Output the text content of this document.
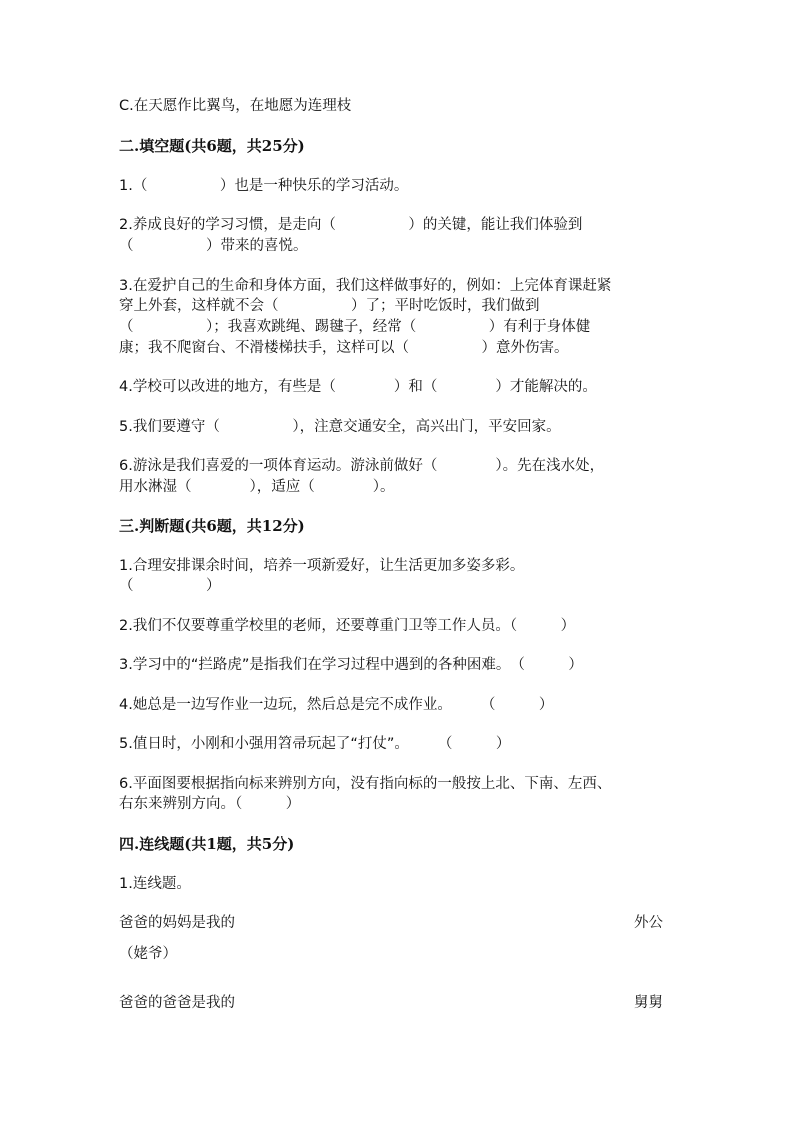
C.在天愿作比翼鸟，在地愿为连理枝
二.填空题(共6题，共25分)
1.（　　　　　）也是一种快乐的学习活动。
2.养成良好的学习习惯，是走向（　　　　　）的关键，能让我们体验到
（　　　　　）带来的喜悦。
3.在爱护自己的生命和身体方面，我们这样做事好的，例如：上完体育课赶紧
穿上外套，这样就不会（　　　　　）了；平时吃饭时，我们做到
（　　　　　）；我喜欢跳绳、踢毽子，经常（　　　　　）有利于身体健
康；我不爬窗台、不滑楼梯扶手，这样可以（　　　　　）意外伤害。
4.学校可以改进的地方，有些是（　　　　）和（　　　　）才能解决的。
5.我们要遵守（　　　　　），注意交通安全，高兴出门，平安回家。
6.游泳是我们喜爱的一项体育运动。游泳前做好（　　　　）。先在浅水处，
用水淋湿（　　　　），适应（　　　　）。
三.判断题(共6题，共12分)
1.合理安排课余时间，培养一项新爱好，让生活更加多姿多彩。
（　　　　　）
2.我们不仅要尊重学校里的老师，还要尊重门卫等工作人员。（　　　）
3.学习中的“拦路虎”是指我们在学习过程中遇到的各种困难。　（　　　）
4.她总是一边写作业一边玩，然后总是完不成作业。　　　（　　　）
5.值日时，小刚和小强用笤帚玩起了“打仗”。　　　（　　　）
6.平面图要根据指向标来辨别方向，没有指向标的一般按上北、下南、左西、
右东来辨别方向。（　　　）
四.连线题(共1题，共5分)
1.连线题。
爸爸的妈妈是我的	外公
（姥爷）
爸爸的爸爸是我的	舅舅
